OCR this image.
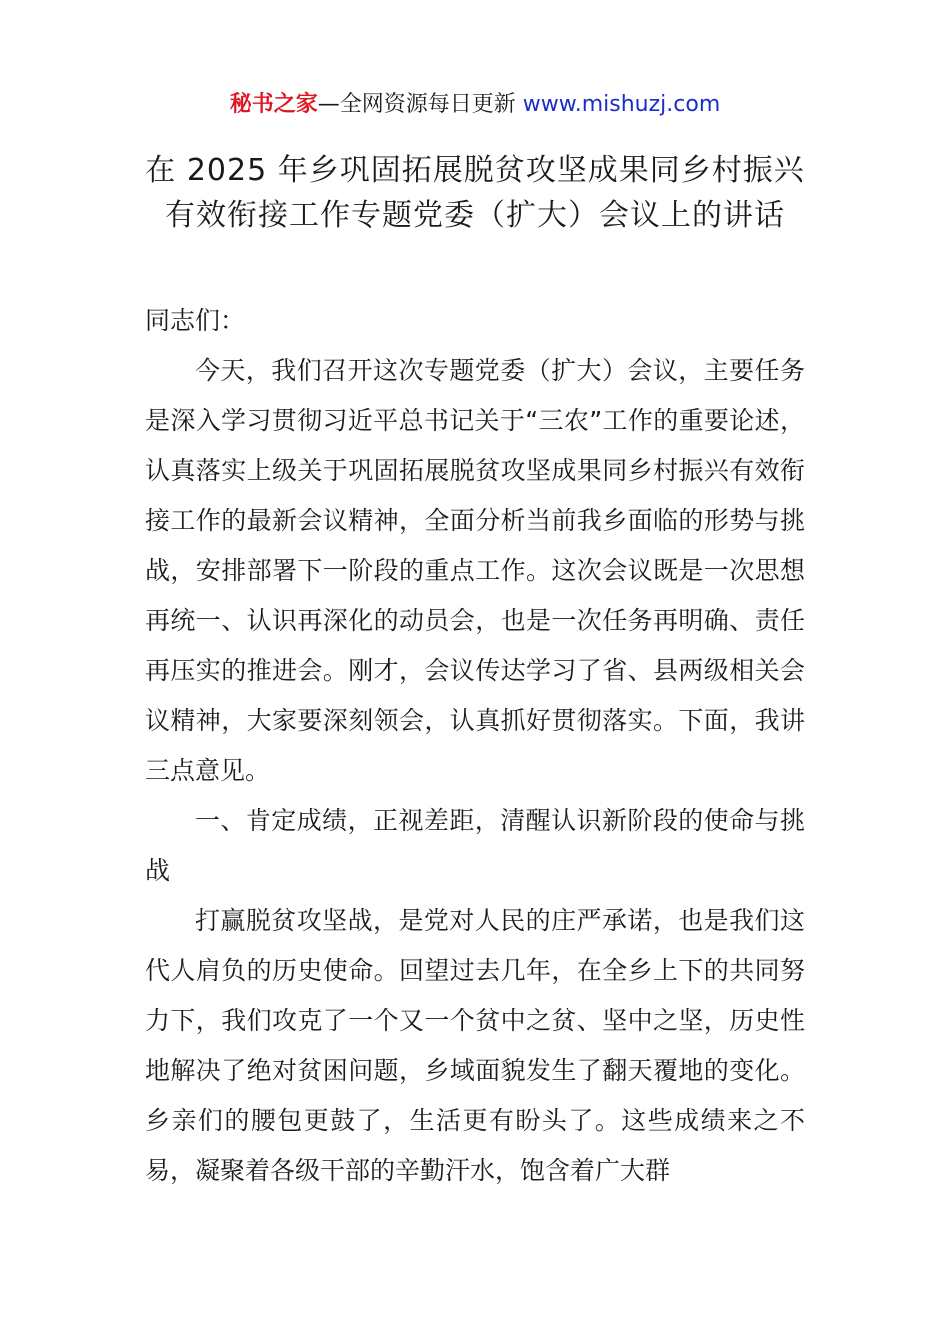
秘书之家—全网资源每日更新 www.mishuzj.com
在 2025 年乡巩固拓展脱贫攻坚成果同乡村振兴
有效衔接工作专题党委（扩大）会议上的讲话

同志们：

今天，我们召开这次专题党委（扩大）会议，主要任务是深入学习贯彻习近平总书记关于“三农”工作的重要论述，认真落实上级关于巩固拓展脱贫攻坚成果同乡村振兴有效衔接工作的最新会议精神，全面分析当前我乡面临的形势与挑战，安排部署下一阶段的重点工作。这次会议既是一次思想再统一、认识再深化的动员会，也是一次任务再明确、责任再压实的推进会。刚才，会议传达学习了省、县两级相关会议精神，大家要深刻领会，认真抓好贯彻落实。下面，我讲三点意见。

一、肯定成绩，正视差距，清醒认识新阶段的使命与挑战

打赢脱贫攻坚战，是党对人民的庄严承诺，也是我们这代人肩负的历史使命。回望过去几年，在全乡上下的共同努力下，我们攻克了一个又一个贫中之贫、坚中之坚，历史性地解决了绝对贫困问题，乡域面貌发生了翻天覆地的变化。乡亲们的腰包更鼓了，生活更有盼头了。这些成绩来之不易，凝聚着各级干部的辛勤汗水，饱含着广大群
